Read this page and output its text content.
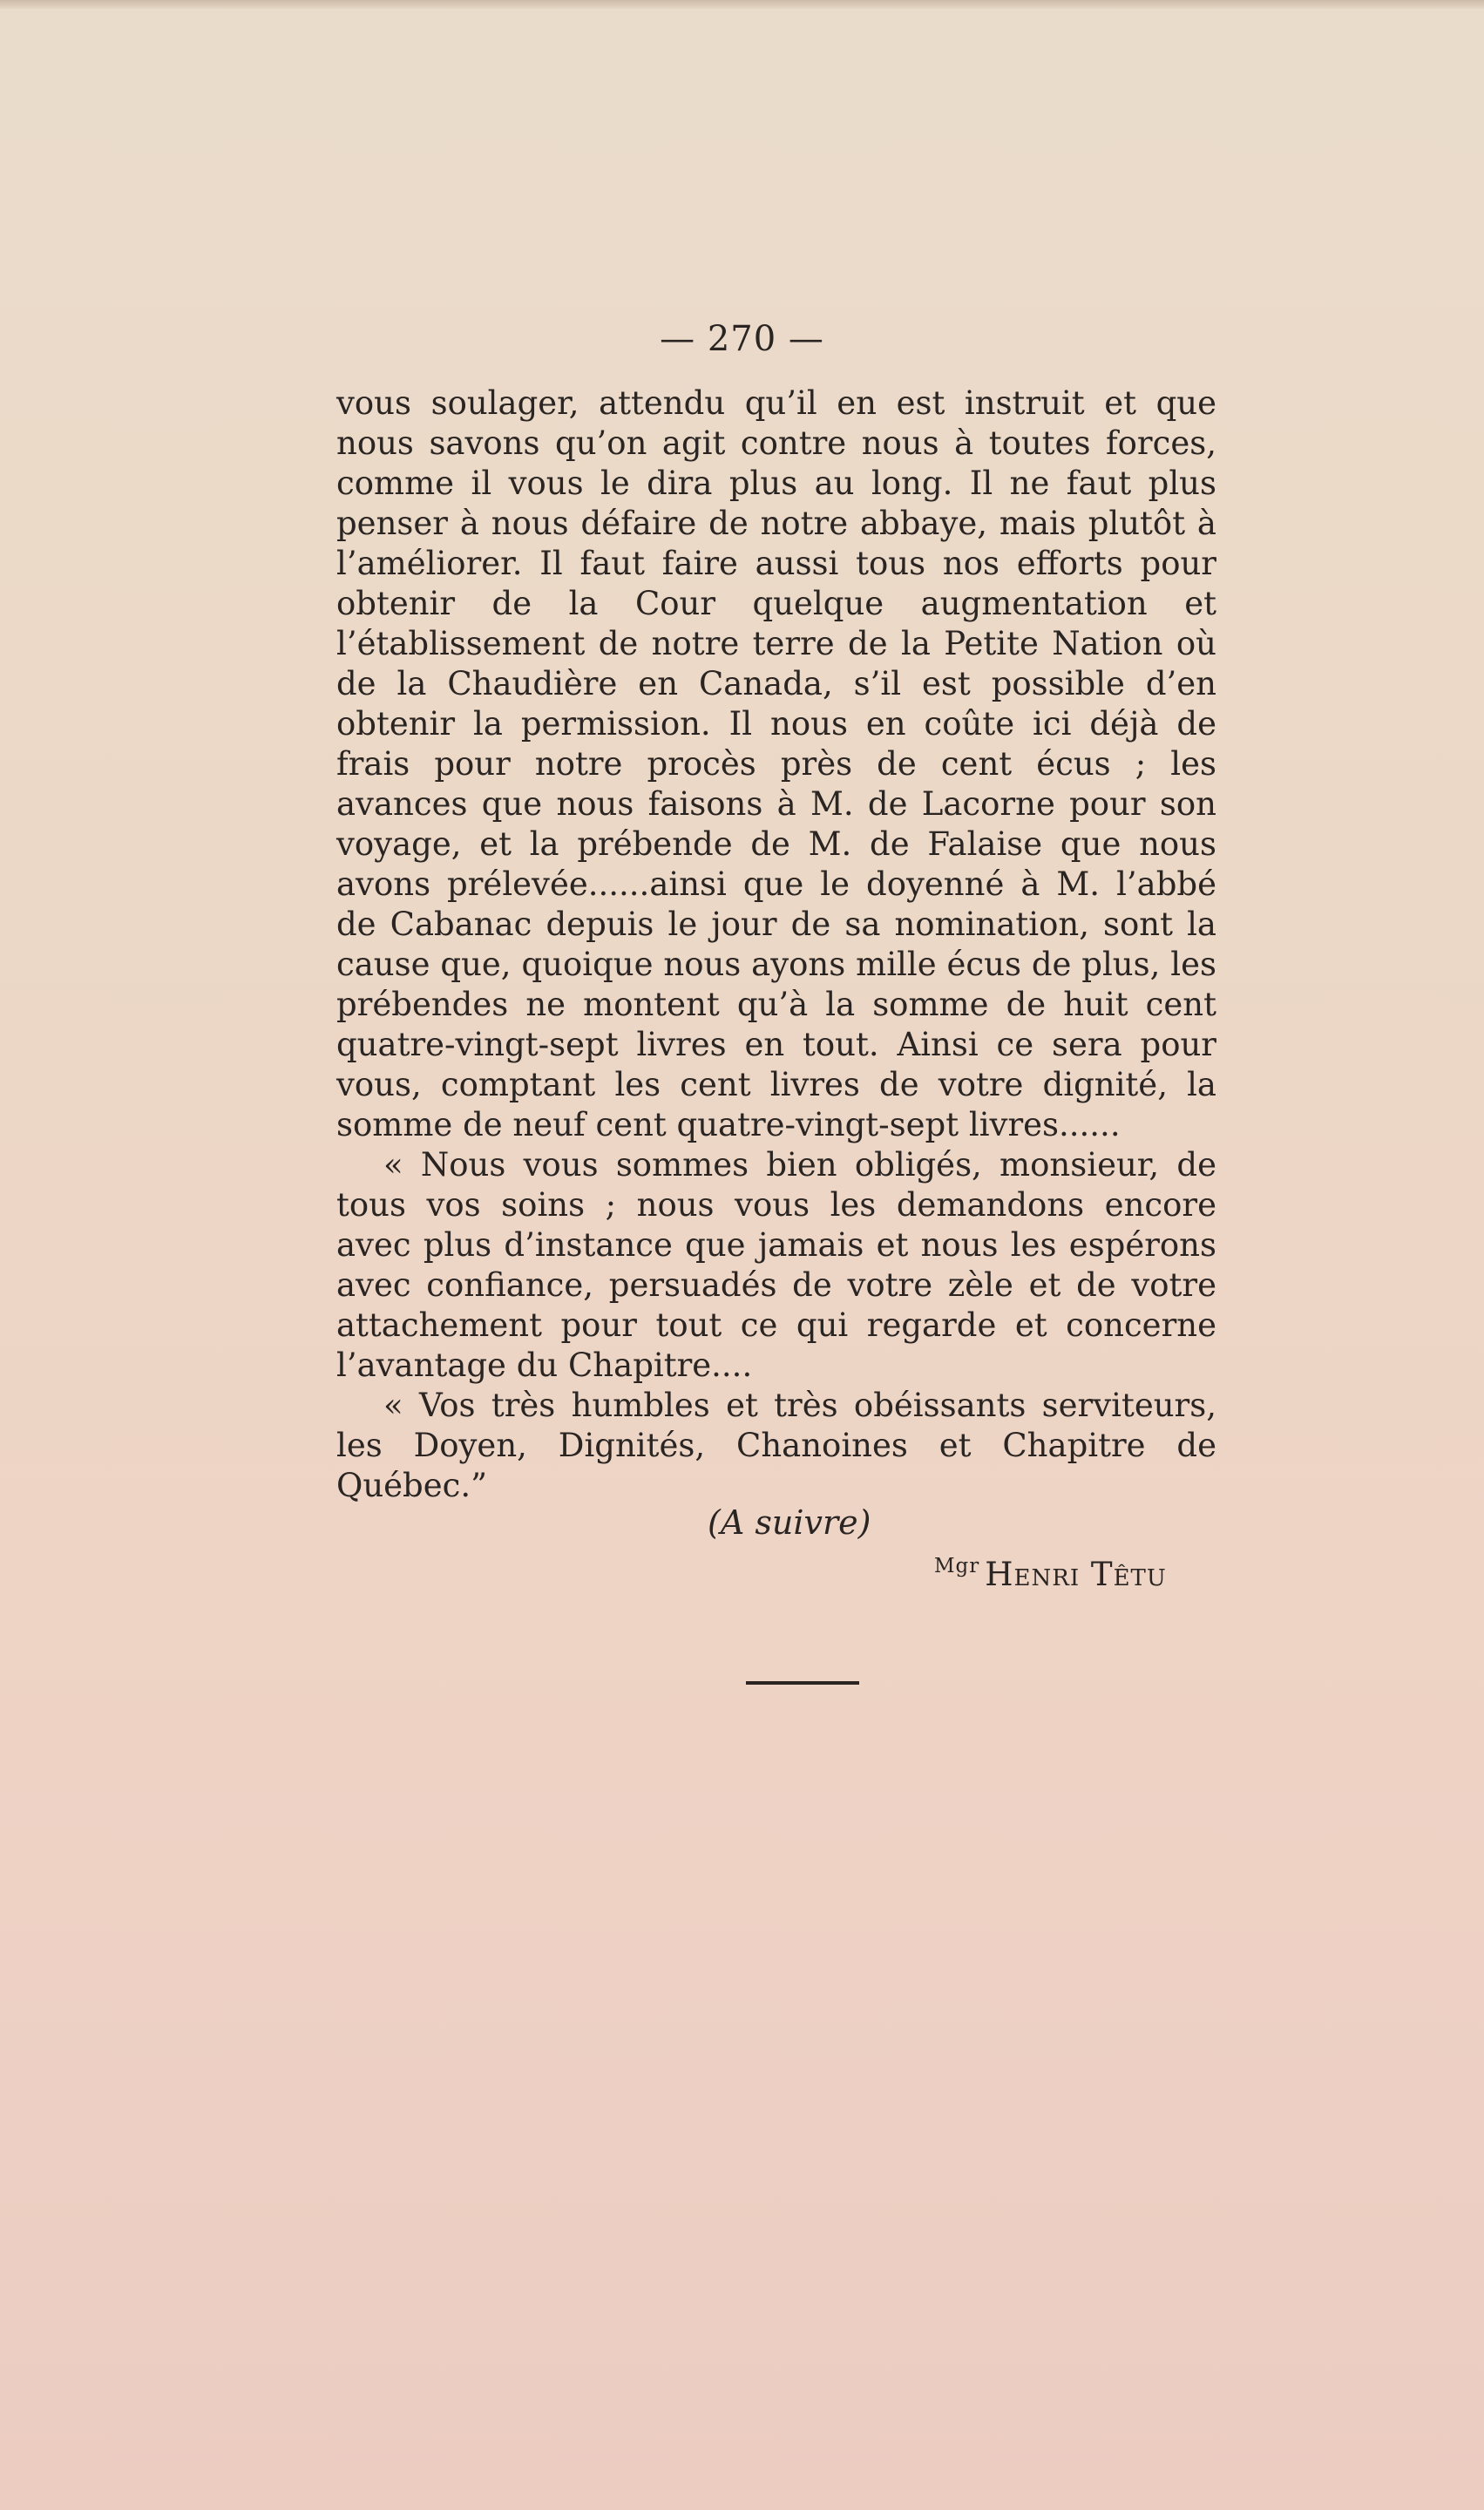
— 270 —

vous soulager, attendu qu’il en est instruit et que nous savons qu’on agit contre nous à toutes forces, comme il vous le dira plus au long. Il ne faut plus penser à nous défaire de notre abbaye, mais plutôt à l’améliorer. Il faut faire aussi tous nos efforts pour obtenir de la Cour quelque augmentation et l’établissement de notre terre de la Petite Nation où de la Chaudière en Canada, s’il est possible d’en obtenir la permission. Il nous en coûte ici déjà de frais pour notre procès près de cent écus ; les avances que nous faisons à M. de Lacorne pour son voyage, et la prébende de M. de Falaise que nous avons prélevée......ainsi que le doyenné à M. l’abbé de Cabanac depuis le jour de sa nomination, sont la cause que, quoique nous ayons mille écus de plus, les prébendes ne montent qu’à la somme de huit cent quatre-vingt-sept livres en tout. Ainsi ce sera pour vous, comptant les cent livres de votre dignité, la somme de neuf cent quatre-vingt-sept livres......

« Nous vous sommes bien obligés, monsieur, de tous vos soins ; nous vous les demandons encore avec plus d’instance que jamais et nous les espérons avec confiance, persuadés de votre zèle et de votre attachement pour tout ce qui regarde et concerne l’avantage du Chapitre....

« Vos très humbles et très obéissants serviteurs, les Doyen, Dignités, Chanoines et Chapitre de Québec.”

(A suivre)
$^{Mgr}$ Henri Têtu
